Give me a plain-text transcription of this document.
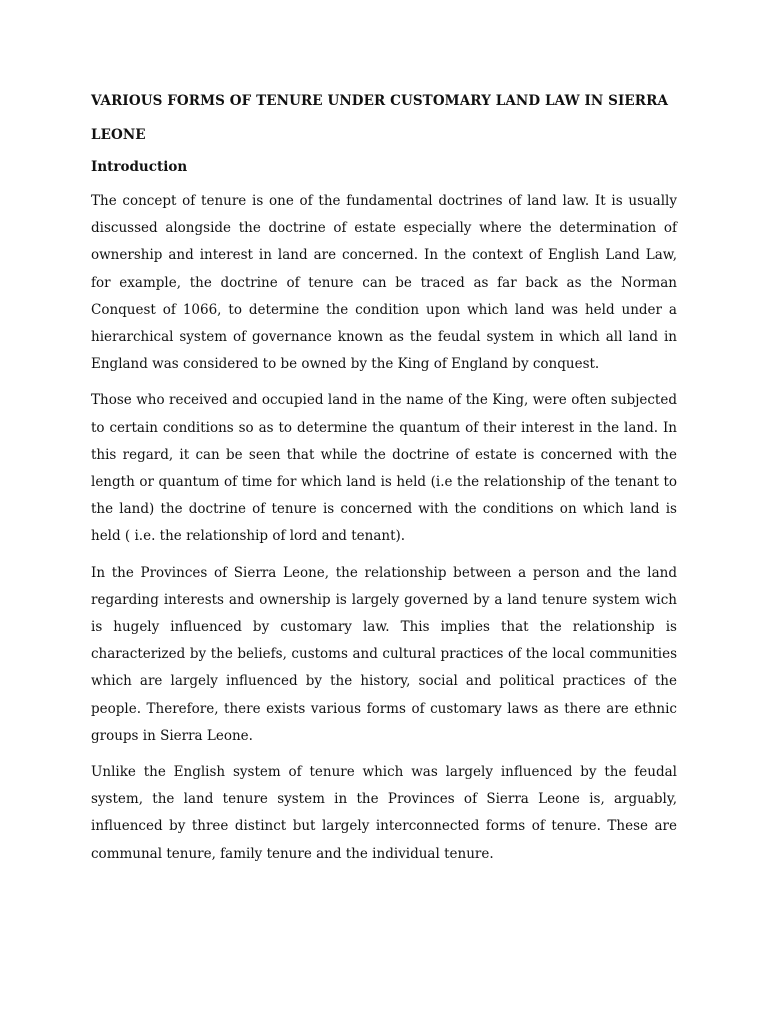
VARIOUS FORMS OF TENURE UNDER CUSTOMARY LAND LAW IN SIERRA LEONE

Introduction

The concept of tenure is one of the fundamental doctrines of land law. It is usually discussed alongside the doctrine of estate especially where the determination of ownership and interest in land are concerned. In the context of English Land Law, for example, the doctrine of tenure can be traced as far back as the Norman Conquest of 1066, to determine the condition upon which land was held under a hierarchical system of governance known as the feudal system in which all land in England was considered to be owned by the King of England by conquest.

Those who received and occupied land in the name of the King, were often subjected to certain conditions so as to determine the quantum of their interest in the land. In this regard, it can be seen that while the doctrine of estate is concerned with the length or quantum of time for which land is held (i.e the relationship of the tenant to the land) the doctrine of tenure is concerned with the conditions on which land is held ( i.e. the relationship of lord and tenant).

In the Provinces of Sierra Leone, the relationship between a person and the land regarding interests and ownership is largely governed by a land tenure system wich is hugely influenced by customary law. This implies that the relationship is characterized by the beliefs, customs and cultural practices of the local communities which are largely influenced by the history, social and political practices of the people. Therefore, there exists various forms of customary laws as there are ethnic groups in Sierra Leone.

Unlike the English system of tenure which was largely influenced by the feudal system, the land tenure system in the Provinces of Sierra Leone is, arguably, influenced by three distinct but largely interconnected forms of tenure. These are communal tenure, family tenure and the individual tenure.
